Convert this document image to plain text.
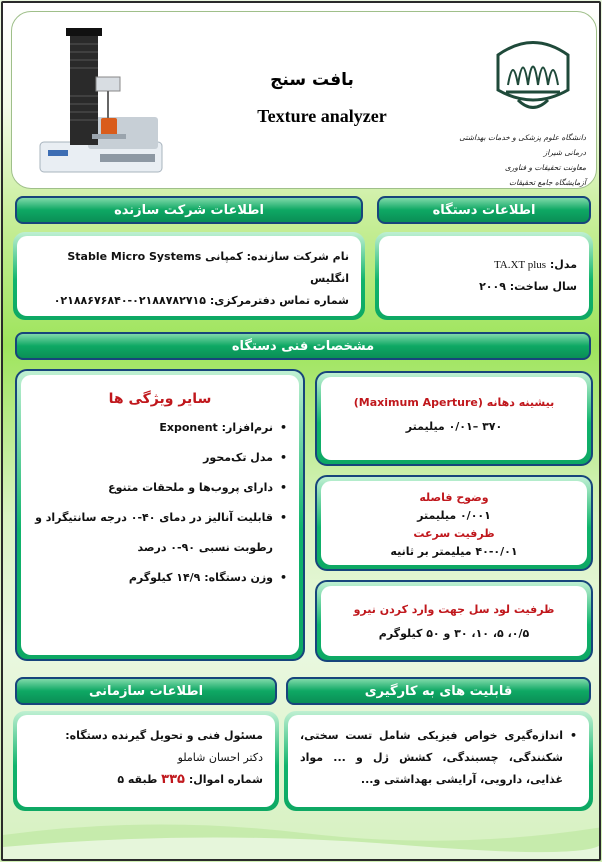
بافت سنج
Texture analyzer
دانشگاه علوم پزشکی و خدمات بهداشتی درمانی شیراز
معاونت تحقیقات و فناوری
آزمایشگاه جامع تحقیقات
اطلاعات شرکت سازنده
نام شرکت سازنده: کمپانی Stable Micro Systems انگلیس
شماره تماس دفترمرکزی: ۰۲۱۸۸۷۸۲۷۱۵-۰۲۱۸۸۶۷۶۸۴۰
اطلاعات دستگاه
مدل: TA.XT plus
سال ساخت: ۲۰۰۹
مشخصات فنی دستگاه
سایر ویژگی ها
• نرم‌افزار: Exponent
• مدل تک‌محور
• دارای پروب‌ها و ملحقات متنوع
• قابلیت آنالیز در دمای ۴۰-۰ درجه سانتیگراد و رطوبت نسبی ۹۰-۰ درصد
• وزن دستگاه: ۱۴/۹ کیلوگرم
بیشینه دهانه (Maximum Aperture)
۳۷۰ –۰/۰۱ میلیمتر
وضوح فاصله
۰/۰۰۱ میلیمتر
ظرفیت سرعت
۴۰-۰/۰۱ میلیمتر بر ثانیه
ظرفیت لود سل جهت وارد کردن نیرو
۰/۵، ۵، ۱۰، ۳۰ و ۵۰ کیلوگرم
اطلاعات سازمانی
مسئول فنی و تحویل گیرنده دستگاه:
دکتر احسان شاملو
شماره اموال: ۳۳۵ طبقه ۵
قابلیت های به کارگیری
• اندازه‌گیری خواص فیزیکی شامل تست سختی، شکنندگی، چسبندگی، کشش ژل و ... مواد غذایی، دارویی، آرایشی بهداشتی و...
